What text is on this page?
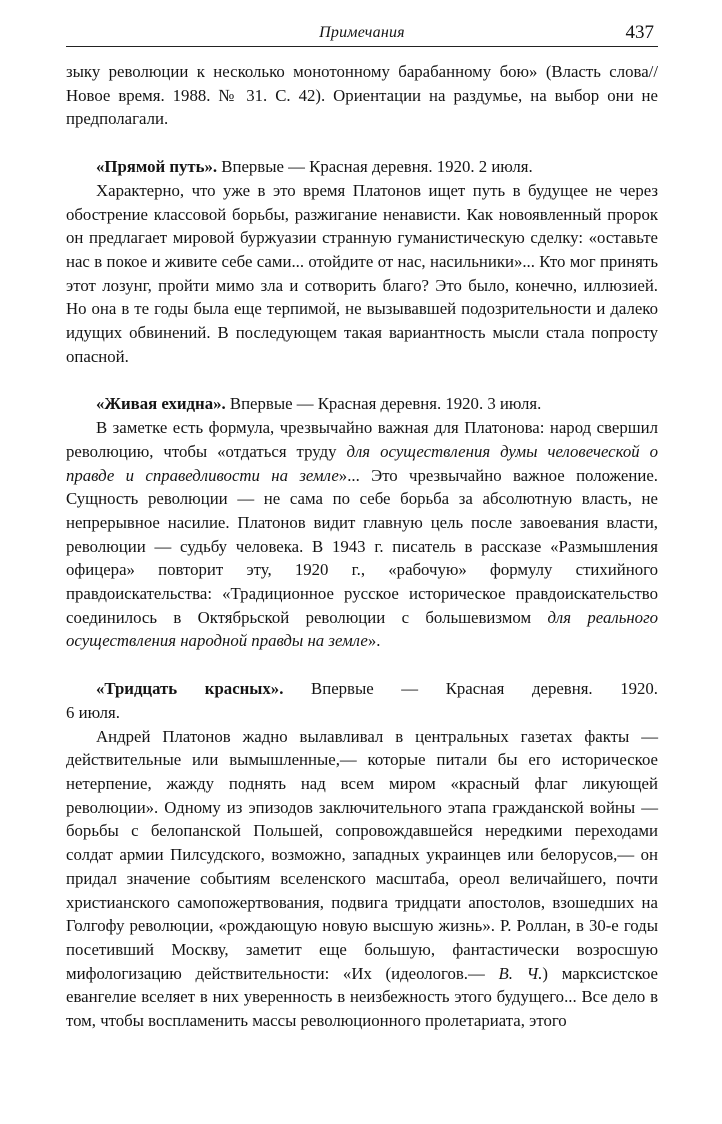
Примечания	437

зыку революции к несколько монотонному барабанному бою» (Власть слова//Новое время. 1988. № 31. С. 42). Ориентации на раздумье, на выбор они не предполагали.

«Прямой путь». Впервые — Красная деревня. 1920. 2 июля.

Характерно, что уже в это время Платонов ищет путь в будущее не через обострение классовой борьбы, разжигание ненависти. Как новоявленный пророк он предлагает мировой буржуазии странную гуманистическую сделку: «оставьте нас в покое и живите себе сами... отойдите от нас, насильники»... Кто мог принять этот лозунг, пройти мимо зла и сотворить благо? Это было, конечно, иллюзией. Но она в те годы была еще терпимой, не вызывавшей подозрительности и далеко идущих обвинений. В последующем такая вариантность мысли стала попросту опасной.

«Живая ехидна». Впервые — Красная деревня. 1920. 3 июля.

В заметке есть формула, чрезвычайно важная для Платонова: народ свершил революцию, чтобы «отдаться труду для осуществления думы человеческой о правде и справедливости на земле»... Это чрезвычайно важное положение. Сущность революции — не сама по себе борьба за абсолютную власть, не непрерывное насилие. Платонов видит главную цель после завоевания власти, революции — судьбу человека. В 1943 г. писатель в рассказе «Размышления офицера» повторит эту, 1920 г., «рабочую» формулу стихийного правдоискательства: «Традиционное русское историческое правдоискательство соединилось в Октябрьской революции с большевизмом для реального осуществления народной правды на земле».

«Тридцать красных». Впервые — Красная деревня. 1920.

6 июля.

Андрей Платонов жадно вылавливал в центральных газетах факты — действительные или вымышленные,— которые питали бы его историческое нетерпение, жажду поднять над всем миром «красный флаг ликующей революции». Одному из эпизодов заключительного этапа гражданской войны — борьбы с белопанской Польшей, сопровождавшейся нередкими переходами солдат армии Пилсудского, возможно, западных украинцев или белорусов,— он придал значение событиям вселенского масштаба, ореол величайшего, почти христианского самопожертвования, подвига тридцати апостолов, взошедших на Голгофу революции, «рождающую новую высшую жизнь». Р. Роллан, в 30-е годы посетивший Москву, заметит еще большую, фантастически возросшую мифологизацию действительности: «Их (идеологов.— В. Ч.) марксистское евангелие вселяет в них уверенность в неизбежность этого будущего... Все дело в том, чтобы воспламенить массы революционного пролетариата, этого
